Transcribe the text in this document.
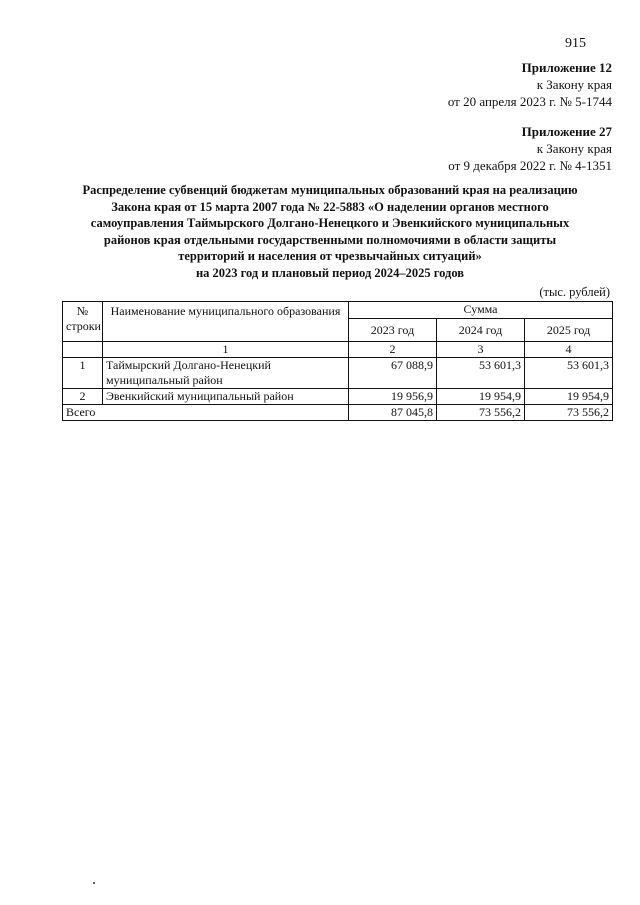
915
Приложение 12
к Закону края
от 20 апреля 2023 г. № 5-1744
Приложение 27
к Закону края
от 9 декабря 2022 г. № 4-1351
Распределение субвенций бюджетам муниципальных образований края на реализацию
Закона края от 15 марта 2007 года № 22-5883 «О наделении органов местного
самоуправления Таймырского Долгано-Ненецкого и Эвенкийского муниципальных
районов края отдельными государственными полномочиями в области защиты
территорий и населения от чрезвычайных ситуаций»
на 2023 год и плановый период 2024–2025 годов
(тыс. рублей)
№ строки	Наименование муниципального образования	Сумма		
		2023 год	2024 год	2025 год
	1	2	3	4
1	Таймырский Долгано-Ненецкий муниципальный район	67 088,9	53 601,3	53 601,3
2	Эвенкийский муниципальный район	19 956,9	19 954,9	19 954,9
Всего		87 045,8	73 556,2	73 556,2
